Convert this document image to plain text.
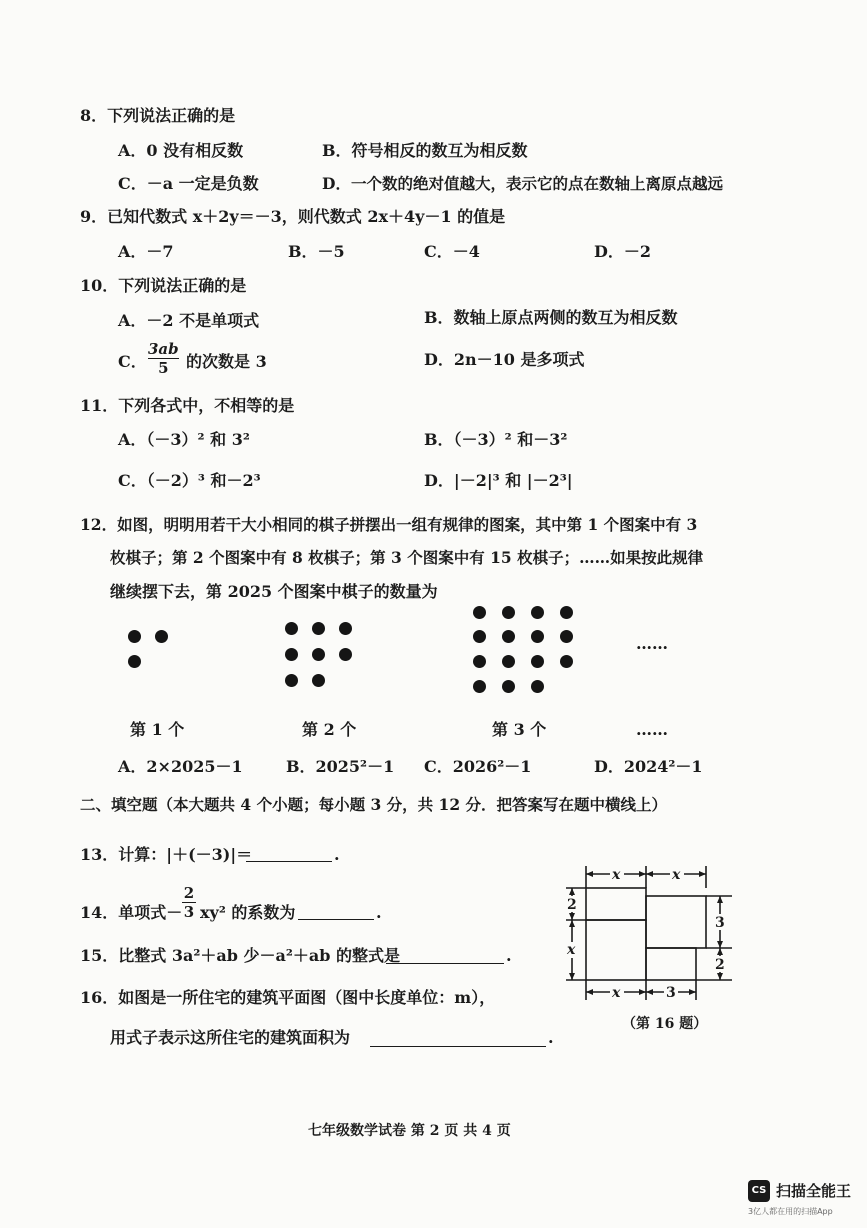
8．下列说法正确的是
A．0 没有相反数	B．符号相反的数互为相反数
C．－a 一定是负数	D．一个数的绝对值越大，表示它的点在数轴上离原点越远
9．已知代数式 x＋2y＝－3，则代数式 2x＋4y－1 的值是
A．－7	B．－5	C．－4	D．－2
10．下列说法正确的是
A．－2 不是单项式	B．数轴上原点两侧的数互为相反数
C．
3ab
5 的次数是 3	D．2n－10 是多项式
11．下列各式中，不相等的是
A．（－3）² 和 3²	B．（－3）² 和－3²
C．（－2）³ 和－2³	D．|－2|³ 和 |－2³|
12．如图，明明用若干大小相同的棋子拼摆出一组有规律的图案，其中第 1 个图案中有 3
枚棋子；第 2 个图案中有 8 枚棋子；第 3 个图案中有 15 枚棋子；……如果按此规律
继续摆下去，第 2025 个图案中棋子的数量为
……
第 1 个	第 2 个	第 3 个	……
A．2×2025－1	B．2025²－1 C．2026²－1	D．2024²－1
二、填空题（本大题共 4 个小题；每小题 3 分，共 12 分．把答案写在题中横线上）
13．计算：|＋(－3)|＝	.
14．单项式－
2
3 xy² 的系数为	.
15．比整式 3a²＋ab 少－a²＋ab 的整式是	.
16．如图是一所住宅的建筑平面图（图中长度单位：m），
用式子表示这所住宅的建筑面积为	.
x	x
2
x
3
2
x	3
（第 16 题）
七年级数学试卷 第 2 页 共 4 页
CS 扫描全能王
3亿人都在用的扫描App
